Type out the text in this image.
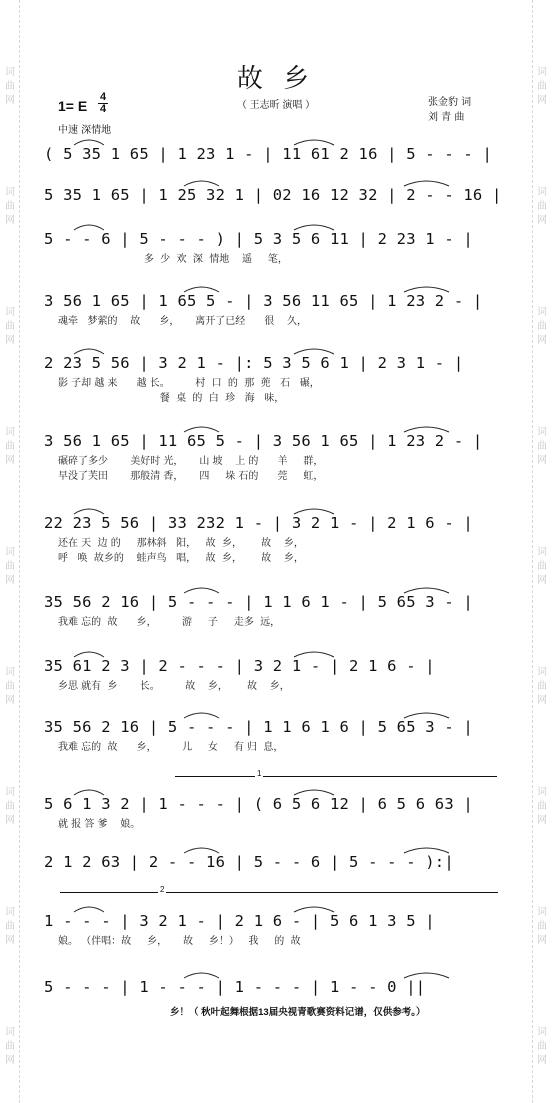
词
曲
网
词
曲
网
词
曲
网
词
曲
网
词
曲
网
词
曲
网
词
曲
网
词
曲
网
词
曲
网
词
曲
网
词
曲
网
词
曲
网
词
曲
网
词
曲
网
词
曲
网
词
曲
网
词
曲
网
词
曲
网
故 乡
（ 王志昕 演唱 ）
1= E
4
4
中速 深情地
张金豹 词
刘 青 曲
( 5 35 1 65 | 1 23 1 - | 11 61 2 16 | 5 - - - |
5 35 1 65 | 1 25 32 1 | 02 16 12 32 | 2 - - 16 |
5 - - 6 | 5 - - - ) | 5 3 5 6 11 | 2 23 1 - |
多  少  欢  深  情地    遥     笔，
3 56 1 65 | 1 65 5 - | 3 56 11 65 | 1 23 2 - |
魂牵   梦萦的    故      乡，     离开了已经      很    久，
2 23 5 56 | 3 2 1 - |: 5 3 5 6 1 | 2 3 1 - |
影 子却 越 来      越 长。        村  口  的  那  蔸   石   碾，
餐  桌  的  白  珍   海   味，
3 56 1 65 | 11 65 5 - | 3 56 1 65 | 1 23 2 - |
碾碎了多少       美好时 光，     山 坡    上 的      羊     群，
早没了芙田       那般清 香，     四     垛 石的      莞     虹，
22 23 5 56 | 33 232 1 - | 3 2 1 - | 2 1 6 - |
还在 天  边 的     那林斜   阳，   故  乡，      故    乡，
呼   唤  故乡的    蛙声鸟   唱，   故  乡，      故    乡，
35 56 2 16 | 5 - - - | 1 1 6 1 - | 5 65 3 - |
我难 忘的  故      乡，        游     子     走多  远，
35 61 2 3 | 2 - - - | 3 2 1 - | 2 1 6 - |
乡思 就有  乡       长。        故    乡，      故    乡，
35 56 2 16 | 5 - - - | 1 1 6 1 6 | 5 65 3 - |
我难 忘的  故      乡，        儿     女     有 归  息，
5 6 1 3 2 | 1 - - - | ( 6 5 6 12 | 6 5 6 63 |
就 报 答 爹    娘。
2 1 2 63 | 2 - - 16 | 5 - - 6 | 5 - - - ):|
1 - - - | 3 2 1 - | 2 1 6 - | 5 6 1 3 5 |
娘。 （伴唱：故     乡，     故     乡！）   我     的  故
5 - - - | 1 - - - | 1 - - - | 1 - - 0 ||
1
2
乡！（ 秋叶起舞根据13届央视青歌赛资料记谱，仅供参考。）
